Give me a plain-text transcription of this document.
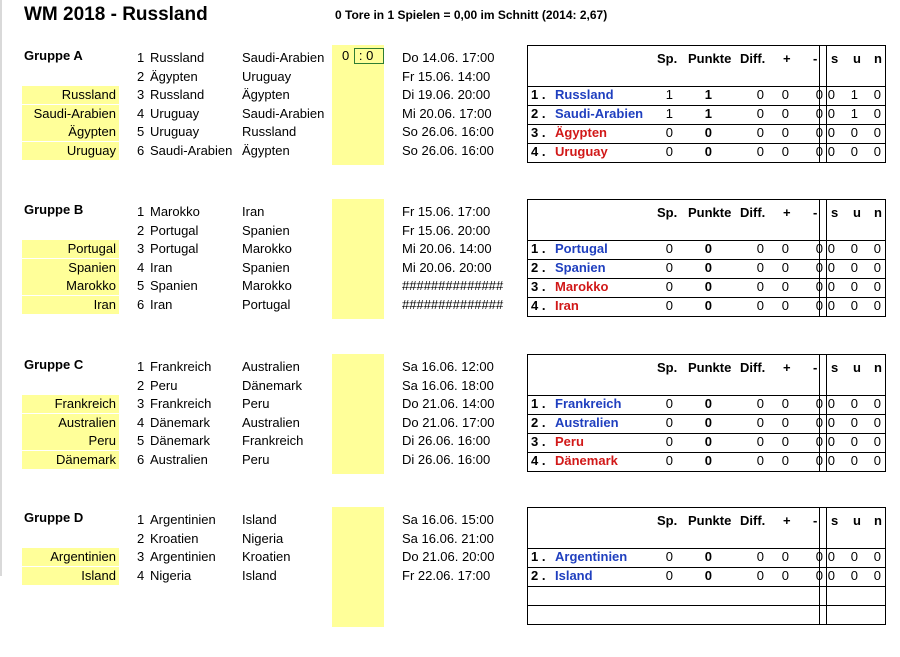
WM 2018 - Russland	0 Tore in 1 Spielen = 0,00 im Schnitt (2014: 2,67)
Gruppe A	0 : 0
Russland
Saudi-Arabien
Ägypten
Uruguay
1 Russland	Saudi-Arabien	Do 14.06. 17:00
2 Ägypten	Uruguay	Fr 15.06. 14:00
3 Russland	Ägypten	Di 19.06. 20:00
4 Uruguay	Saudi-Arabien	Mi 20.06. 17:00
5 Uruguay	Russland	So 26.06. 16:00
6 Saudi-Arabien Ägypten	So 26.06. 16:00
Sp. Punkte Diff. + - s u n
1 . Russland	1 1	0 0 0 0 1 0
2 . Saudi-Arabien 1 1	0 0 0 0 1 0
3 . Ägypten	0 0	0 0 0 0 0 0
4 . Uruguay	0 0	0 0 0 0 0 0
Gruppe B
Portugal
Spanien
Marokko
Iran
1 Marokko	Iran	Fr 15.06. 17:00
2 Portugal	Spanien	Fr 15.06. 20:00
3 Portugal	Marokko	Mi 20.06. 14:00
4 Iran	Spanien	Mi 20.06. 20:00
5 Spanien	Marokko	##############
6 Iran	Portugal	##############
Sp. Punkte Diff. + - s u n
1 . Portugal	0 0	0 0 0 0 0 0
2 . Spanien	0 0	0 0 0 0 0 0
3 . Marokko	0 0	0 0 0 0 0 0
4 . Iran	0 0	0 0 0 0 0 0
Gruppe C
Frankreich
Australien
Peru
Dänemark
1 Frankreich Australien	Sa 16.06. 12:00
2 Peru	Dänemark	Sa 16.06. 18:00
3 Frankreich Peru	Do 21.06. 14:00
4 Dänemark Australien	Do 21.06. 17:00
5 Dänemark Frankreich	Di 26.06. 16:00
6 Australien	Peru	Di 26.06. 16:00
Sp. Punkte Diff. + - s u n
1 . Frankreich	0 0	0 0 0 0 0 0
2 . Australien	0 0	0 0 0 0 0 0
3 . Peru	0 0	0 0 0 0 0 0
4 . Dänemark	0 0	0 0 0 0 0 0
Gruppe D
Argentinien
Island
1 Argentinien Island	Sa 16.06. 15:00
2 Kroatien	Nigeria	Sa 16.06. 21:00
3 Argentinien Kroatien	Do 21.06. 20:00
4 Nigeria	Island	Fr 22.06. 17:00
Sp. Punkte Diff. + - s u n
1 . Argentinien	0 0	0 0 0 0 0 0
2 . Island	0 0	0 0 0 0 0 0
